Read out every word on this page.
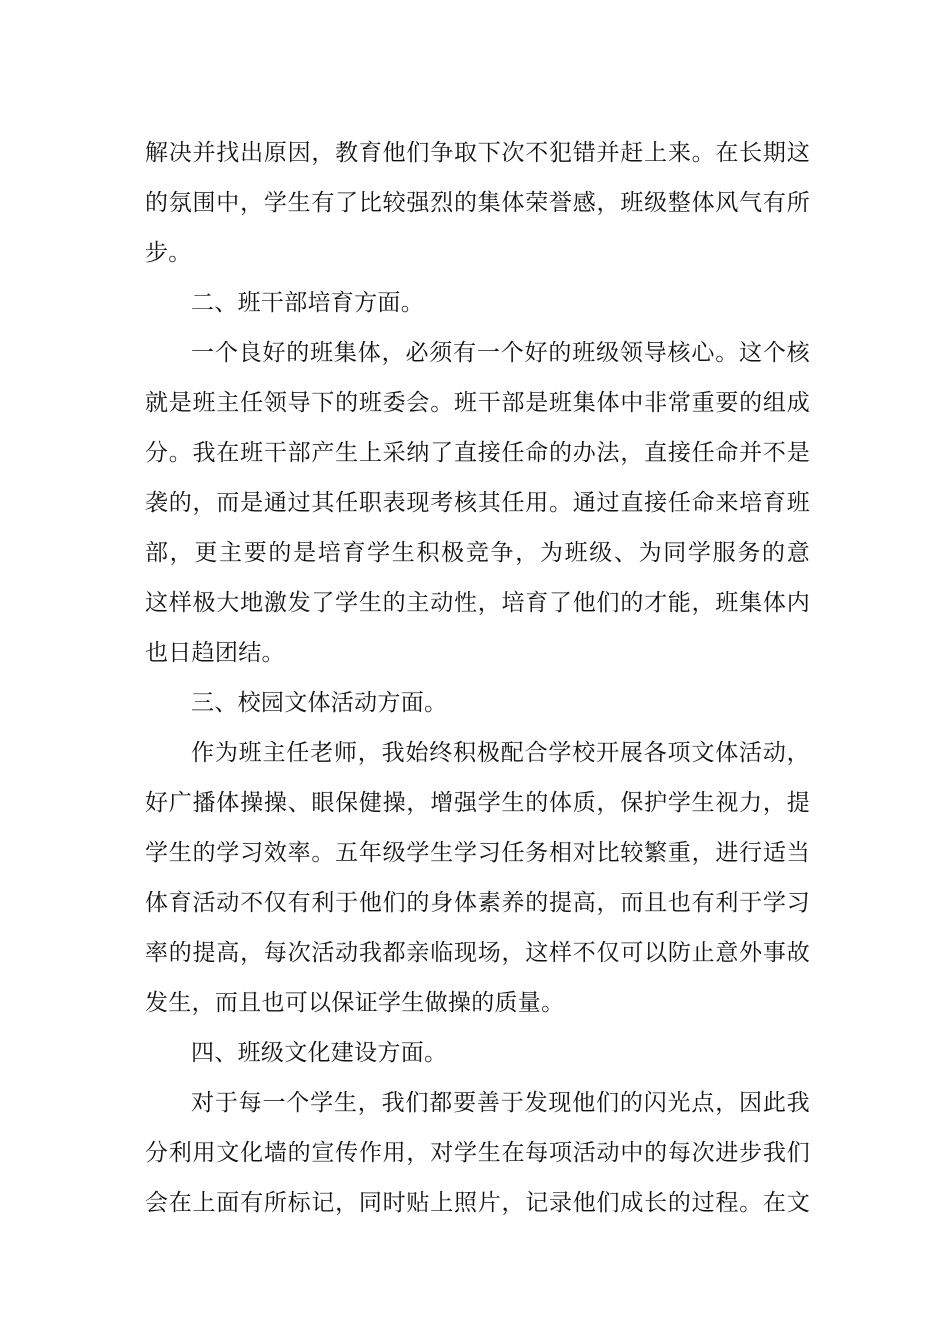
解决并找出原因，教育他们争取下次不犯错并赶上来。在长期这
的氛围中，学生有了比较强烈的集体荣誉感，班级整体风气有所
步。
二、班干部培育方面。
一个良好的班集体，必须有一个好的班级领导核心。这个核
就是班主任领导下的班委会。班干部是班集体中非常重要的组成
分。我在班干部产生上采纳了直接任命的办法，直接任命并不是
袭的，而是通过其任职表现考核其任用。通过直接任命来培育班
部，更主要的是培育学生积极竞争，为班级、为同学服务的意
这样极大地激发了学生的主动性，培育了他们的才能，班集体内
也日趋团结。
三、校园文体活动方面。
作为班主任老师，我始终积极配合学校开展各项文体活动，
好广播体操操、眼保健操，增强学生的体质，保护学生视力，提
学生的学习效率。五年级学生学习任务相对比较繁重，进行适当
体育活动不仅有利于他们的身体素养的提高，而且也有利于学习
率的提高，每次活动我都亲临现场，这样不仅可以防止意外事故
发生，而且也可以保证学生做操的质量。
四、班级文化建设方面。
对于每一个学生，我们都要善于发现他们的闪光点，因此我
分利用文化墙的宣传作用，对学生在每项活动中的每次进步我们
会在上面有所标记，同时贴上照片，记录他们成长的过程。在文
